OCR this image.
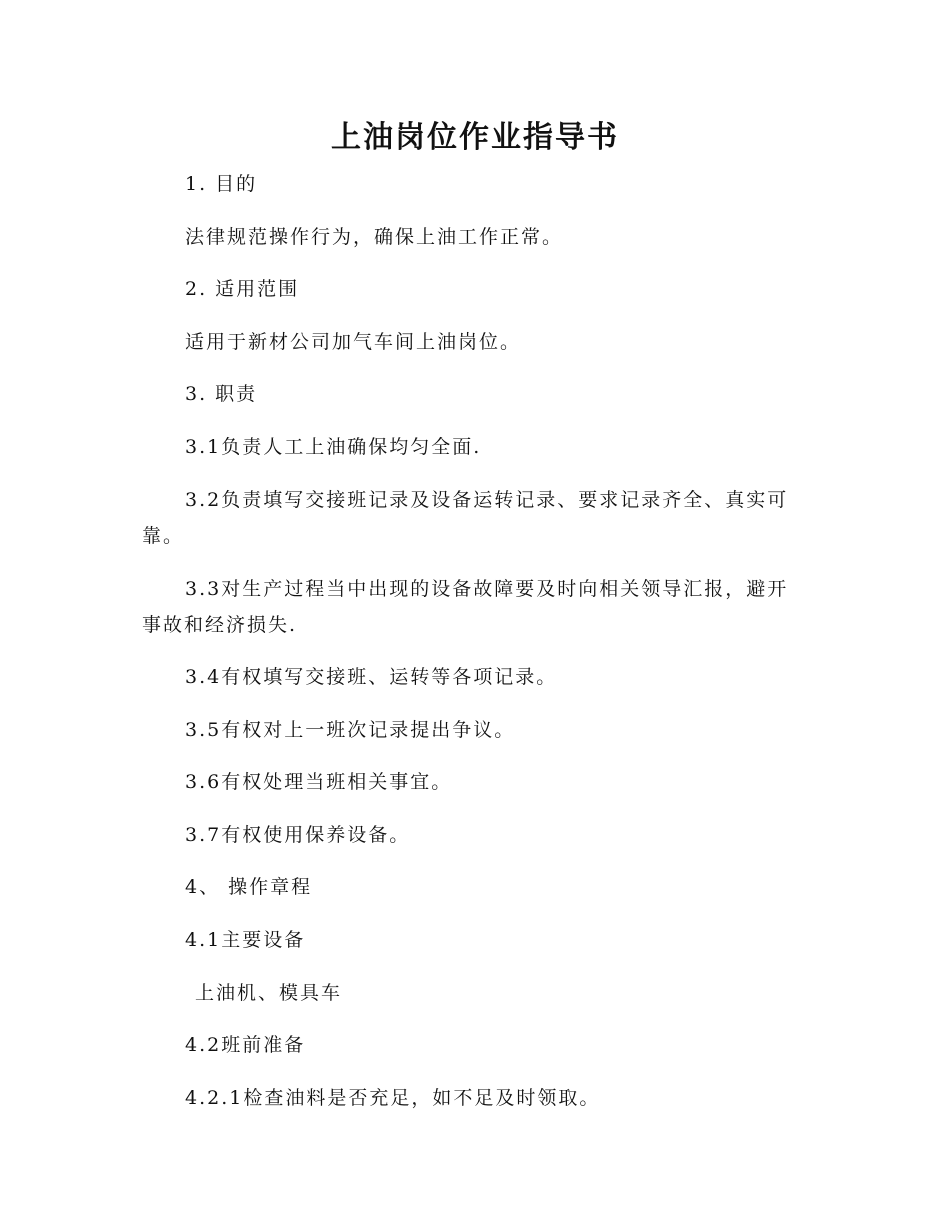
上油岗位作业指导书
1. 目的
法律规范操作行为，确保上油工作正常。
2. 适用范围
适用于新材公司加气车间上油岗位。
3. 职责
3.1负责人工上油确保均匀全面.
3.2负责填写交接班记录及设备运转记录、要求记录齐全、真实可
靠。
3.3对生产过程当中出现的设备故障要及时向相关领导汇报，避开
事故和经济损失.
3.4有权填写交接班、运转等各项记录。
3.5有权对上一班次记录提出争议。
3.6有权处理当班相关事宜。
3.7有权使用保养设备。
4、 操作章程
4.1主要设备
上油机、模具车
4.2班前准备
4.2.1检查油料是否充足，如不足及时领取。
